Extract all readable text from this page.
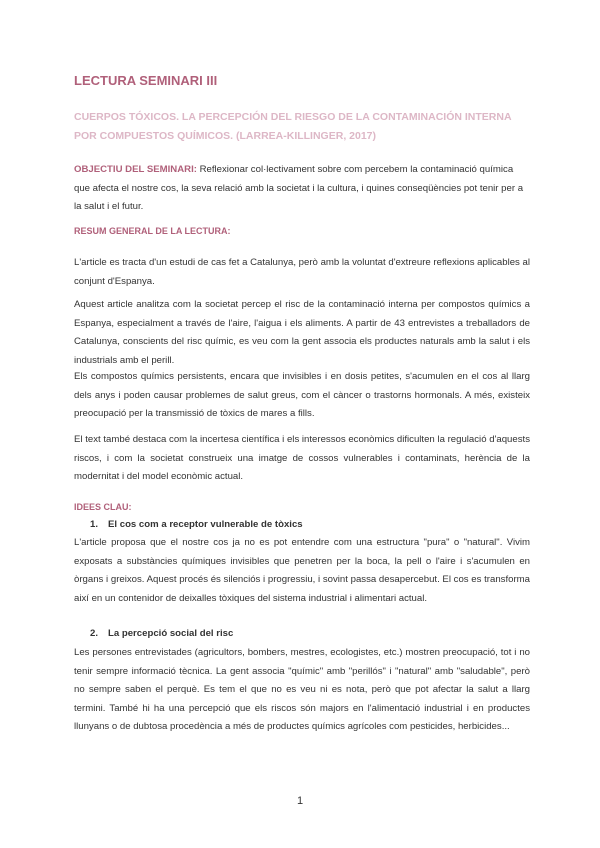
LECTURA SEMINARI III
CUERPOS TÓXICOS. LA PERCEPCIÓN DEL RIESGO DE LA CONTAMINACIÓN INTERNA POR COMPUESTOS QUÍMICOS. (LARREA-KILLINGER, 2017)

OBJECTIU DEL SEMINARI: Reflexionar col·lectivament sobre com percebem la contaminació química que afecta el nostre cos, la seva relació amb la societat i la cultura, i quines conseqüències pot tenir per a la salut i el futur.

RESUM GENERAL DE LA LECTURA:

L'article es tracta d'un estudi de cas fet a Catalunya, però amb la voluntat d'extreure reflexions aplicables al conjunt d'Espanya.

Aquest article analitza com la societat percep el risc de la contaminació interna per compostos químics a Espanya, especialment a través de l'aire, l'aigua i els aliments. A partir de 43 entrevistes a treballadors de Catalunya, conscients del risc químic, es veu com la gent associa els productes naturals amb la salut i els industrials amb el perill.

Els compostos químics persistents, encara que invisibles i en dosis petites, s'acumulen en el cos al llarg dels anys i poden causar problemes de salut greus, com el càncer o trastorns hormonals. A més, existeix preocupació per la transmissió de tòxics de mares a fills.

El text també destaca com la incertesa científica i els interessos econòmics dificulten la regulació d'aquests riscos, i com la societat construeix una imatge de cossos vulnerables i contaminats, herència de la modernitat i del model econòmic actual.

IDEES CLAU:
1. El cos com a receptor vulnerable de tòxics

L'article proposa que el nostre cos ja no es pot entendre com una estructura "pura" o "natural". Vivim exposats a substàncies químiques invisibles que penetren per la boca, la pell o l'aire i s'acumulen en òrgans i greixos. Aquest procés és silenciós i progressiu, i sovint passa desapercebut. El cos es transforma així en un contenidor de deixalles tòxiques del sistema industrial i alimentari actual.

2. La percepció social del risc

Les persones entrevistades (agricultors, bombers, mestres, ecologistes, etc.) mostren preocupació, tot i no tenir sempre informació tècnica. La gent associa "químic" amb "perillós" i "natural" amb "saludable", però no sempre saben el perquè. Es tem el que no es veu ni es nota, però que pot afectar la salut a llarg termini. També hi ha una percepció que els riscos són majors en l'alimentació industrial i en productes llunyans o de dubtosa procedència a més de productes químics agrícoles com pesticides, herbicides...

1
